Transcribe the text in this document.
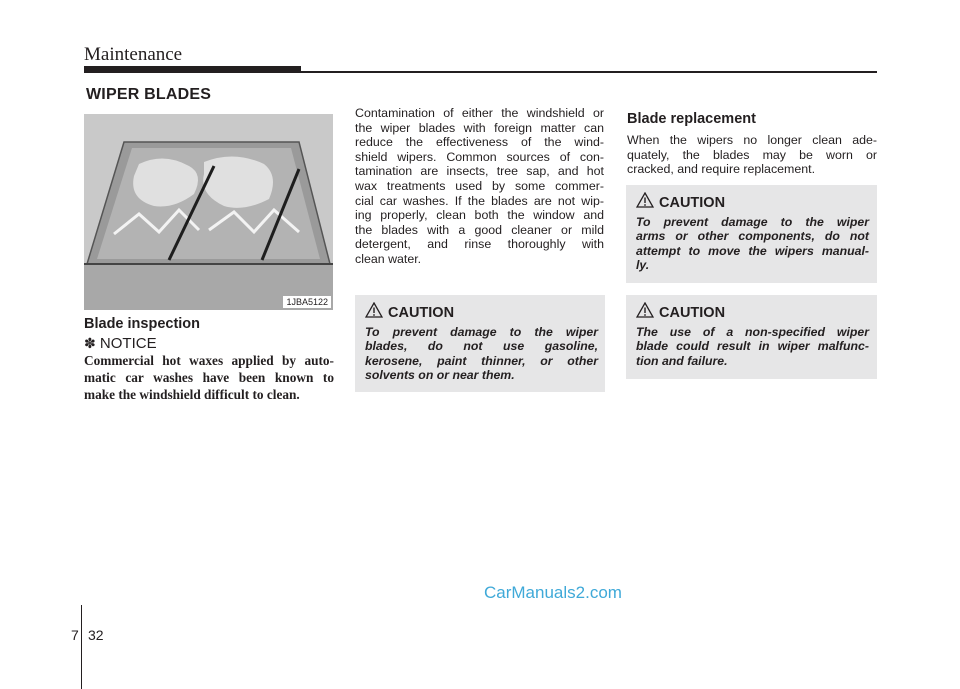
Maintenance
WIPER BLADES
1JBA5122
Blade inspection
✽ NOTICE
Commercial hot waxes applied by auto-
matic car washes have been known to
make the windshield difficult to clean.
Contamination of either the windshield or
the wiper blades with foreign matter can
reduce the effectiveness of the wind-
shield wipers. Common sources of con-
tamination are insects, tree sap, and hot
wax treatments used by some commer-
cial car washes. If the blades are not wip-
ing properly, clean both the window and
the blades with a good cleaner or mild
detergent, and rinse thoroughly with
clean water.
CAUTION
To prevent damage to the wiper
blades, do not use gasoline,
kerosene, paint thinner, or other
solvents on or near them.
Blade replacement
When the wipers no longer clean ade-
quately, the blades may be worn or
cracked, and require replacement.
CAUTION
To prevent damage to the wiper
arms or other components, do not
attempt to move the wipers manual-
ly.
CAUTION
The use of a non-specified wiper
blade could result in wiper malfunc-
tion and failure.
CarManuals2.com
7 32
